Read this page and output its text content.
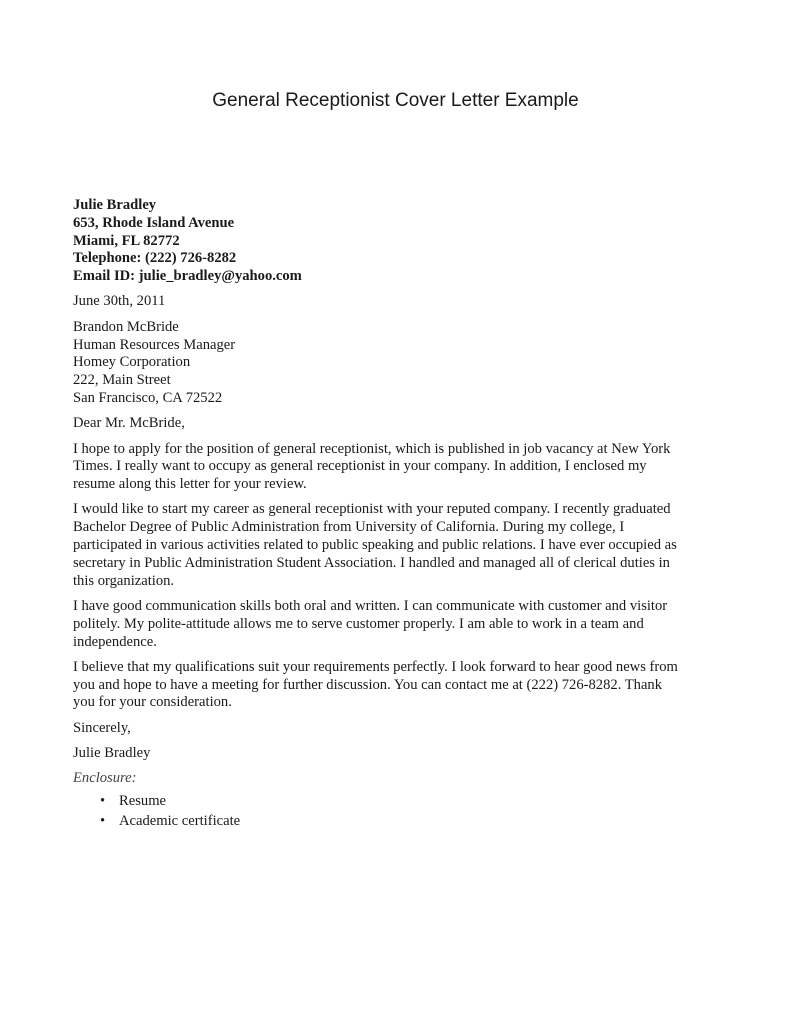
General Receptionist Cover Letter Example
Julie Bradley
653, Rhode Island Avenue
Miami, FL 82772
Telephone: (222) 726-8282
Email ID: julie_bradley@yahoo.com
June 30th, 2011
Brandon McBride
Human Resources Manager
Homey Corporation
222, Main Street
San Francisco, CA 72522
Dear Mr. McBride,
I hope to apply for the position of general receptionist, which is published in job vacancy at New York
Times. I really want to occupy as general receptionist in your company. In addition, I enclosed my
resume along this letter for your review.
I would like to start my career as general receptionist with your reputed company. I recently graduated
Bachelor Degree of Public Administration from University of California. During my college, I
participated in various activities related to public speaking and public relations. I have ever occupied as
secretary in Public Administration Student Association. I handled and managed all of clerical duties in
this organization.
I have good communication skills both oral and written. I can communicate with customer and visitor
politely. My polite-attitude allows me to serve customer properly. I am able to work in a team and
independence.
I believe that my qualifications suit your requirements perfectly. I look forward to hear good news from
you and hope to have a meeting for further discussion. You can contact me at (222) 726-8282. Thank
you for your consideration.
Sincerely,
Julie Bradley
Enclosure:
• Resume
• Academic certificate
